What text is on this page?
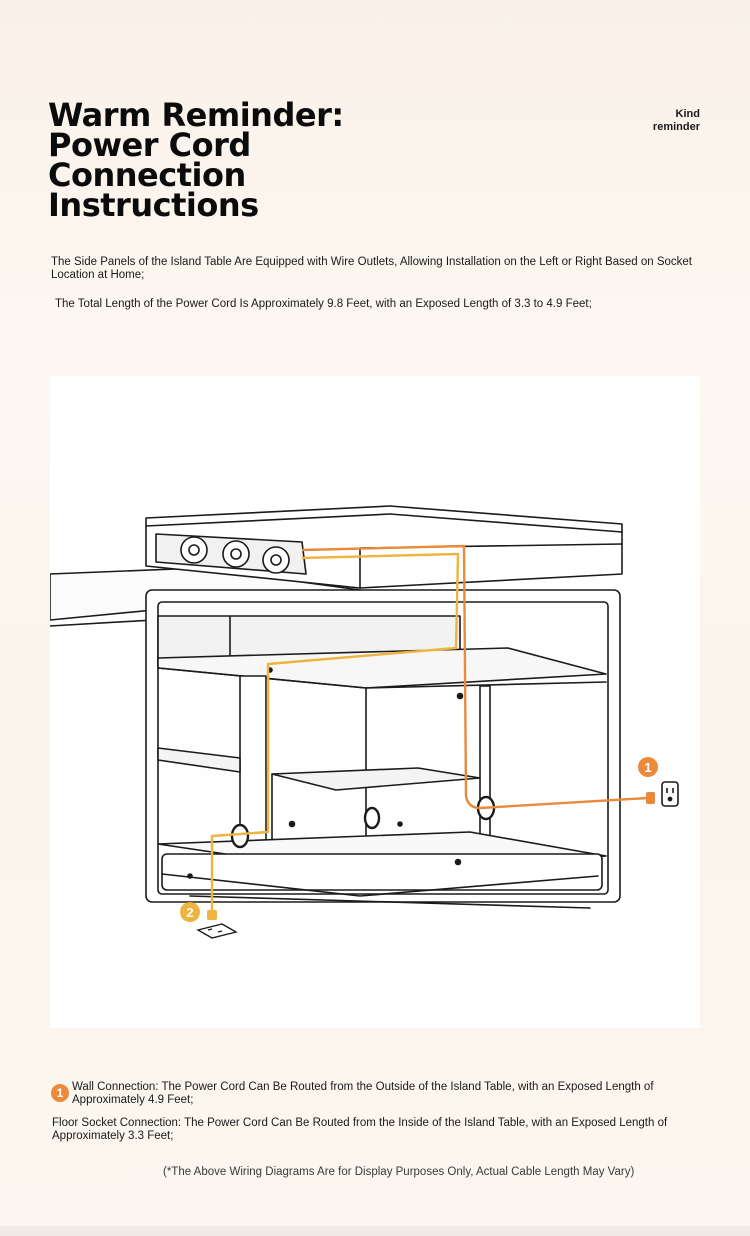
Warm Reminder:
Power Cord
Connection
Instructions
Kind
reminder
The Side Panels of the Island Table Are Equipped with Wire Outlets, Allowing Installation on the Left or Right Based on Socket Location at Home;
The Total Length of the Power Cord Is Approximately 9.8 Feet, with an Exposed Length of 3.3 to 4.9 Feet;
1
2
1 Wall Connection: The Power Cord Can Be Routed from the Outside of the Island Table, with an Exposed Length of Approximately 4.9 Feet;
Floor Socket Connection: The Power Cord Can Be Routed from the Inside of the Island Table, with an Exposed Length of Approximately 3.3 Feet;
(*The Above Wiring Diagrams Are for Display Purposes Only, Actual Cable Length May Vary)
